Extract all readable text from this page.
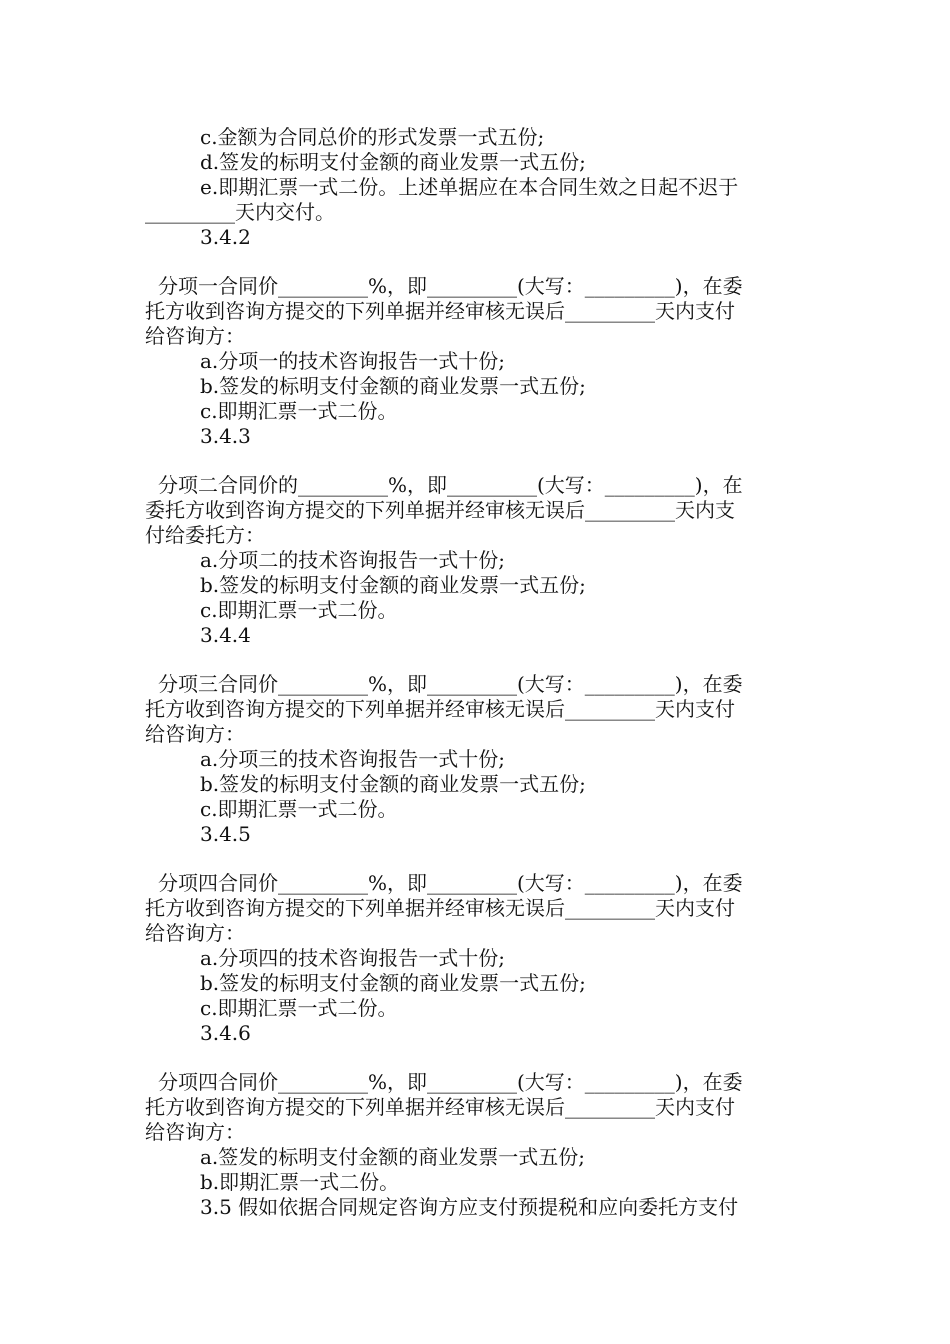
c.金额为合同总价的形式发票一式五份;
d.签发的标明支付金额的商业发票一式五份;
e.即期汇票一式二份。上述单据应在本合同生效之日起不迟于
_________天内交付。
3.4.2
分项一合同价_________%，即_________(大写：_________)，在委
托方收到咨询方提交的下列单据并经审核无误后_________天内支付
给咨询方：
a.分项一的技术咨询报告一式十份;
b.签发的标明支付金额的商业发票一式五份;
c.即期汇票一式二份。
3.4.3
分项二合同价的_________%，即_________(大写：_________)，在
委托方收到咨询方提交的下列单据并经审核无误后_________天内支
付给委托方：
a.分项二的技术咨询报告一式十份;
b.签发的标明支付金额的商业发票一式五份;
c.即期汇票一式二份。
3.4.4
分项三合同价_________%，即_________(大写：_________)，在委
托方收到咨询方提交的下列单据并经审核无误后_________天内支付
给咨询方：
a.分项三的技术咨询报告一式十份;
b.签发的标明支付金额的商业发票一式五份;
c.即期汇票一式二份。
3.4.5
分项四合同价_________%，即_________(大写：_________)，在委
托方收到咨询方提交的下列单据并经审核无误后_________天内支付
给咨询方：
a.分项四的技术咨询报告一式十份;
b.签发的标明支付金额的商业发票一式五份;
c.即期汇票一式二份。
3.4.6
分项四合同价_________%，即_________(大写：_________)，在委
托方收到咨询方提交的下列单据并经审核无误后_________天内支付
给咨询方：
a.签发的标明支付金额的商业发票一式五份;
b.即期汇票一式二份。
3.5 假如依据合同规定咨询方应支付预提税和应向委托方支付
